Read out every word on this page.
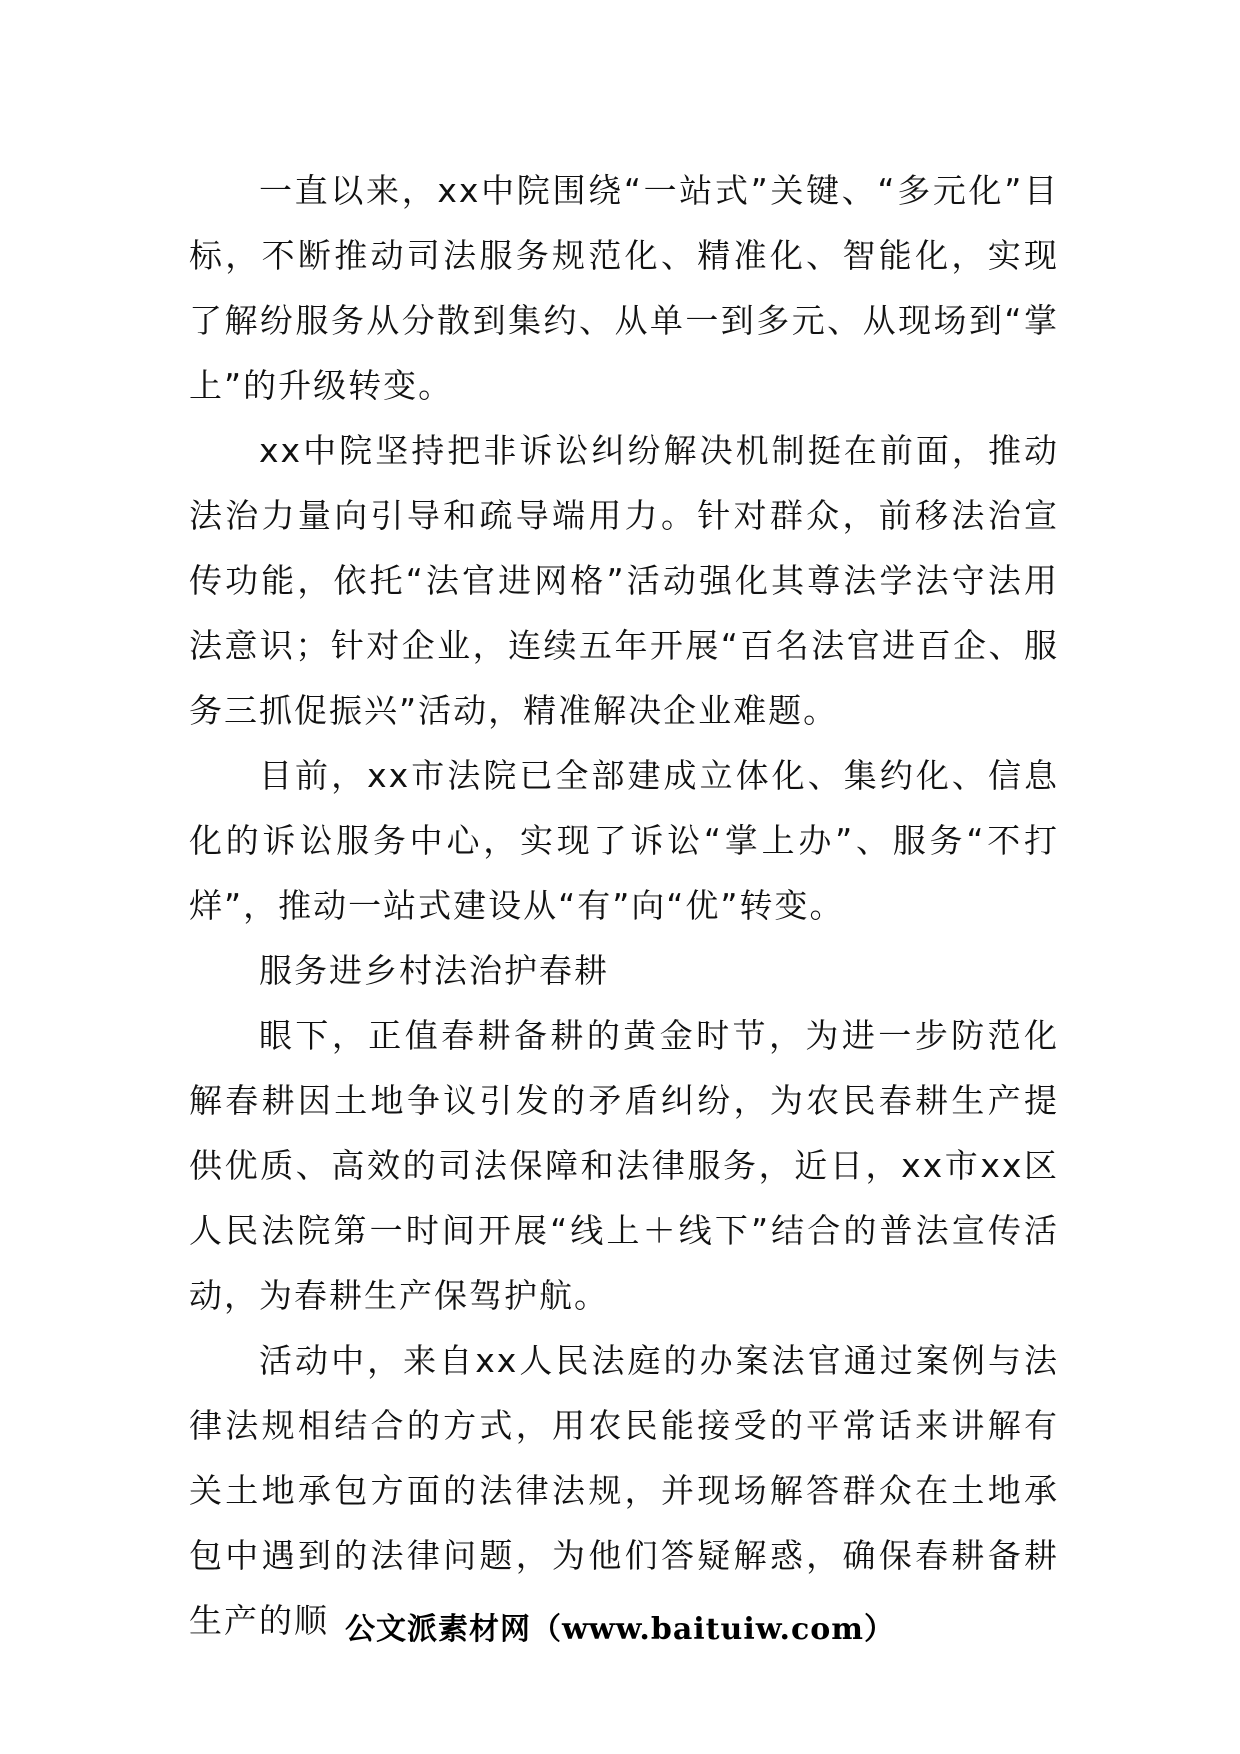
一直以来，xx中院围绕“一站式”关键、“多元化”目标，不断推动司法服务规范化、精准化、智能化，实现了解纷服务从分散到集约、从单一到多元、从现场到“掌上”的升级转变。

xx中院坚持把非诉讼纠纷解决机制挺在前面，推动法治力量向引导和疏导端用力。针对群众，前移法治宣传功能，依托“法官进网格”活动强化其尊法学法守法用法意识；针对企业，连续五年开展“百名法官进百企、服务三抓促振兴”活动，精准解决企业难题。

目前，xx市法院已全部建成立体化、集约化、信息化的诉讼服务中心，实现了诉讼“掌上办”、服务“不打烊”，推动一站式建设从“有”向“优”转变。

服务进乡村法治护春耕

眼下，正值春耕备耕的黄金时节，为进一步防范化解春耕因土地争议引发的矛盾纠纷，为农民春耕生产提供优质、高效的司法保障和法律服务，近日，xx市xx区人民法院第一时间开展“线上＋线下”结合的普法宣传活动，为春耕生产保驾护航。

活动中，来自xx人民法庭的办案法官通过案例与法律法规相结合的方式，用农民能接受的平常话来讲解有关土地承包方面的法律法规，并现场解答群众在土地承包中遇到的法律问题，为他们答疑解惑，确保春耕备耕生产的顺 公文派素材网（www.baituiw.com）
